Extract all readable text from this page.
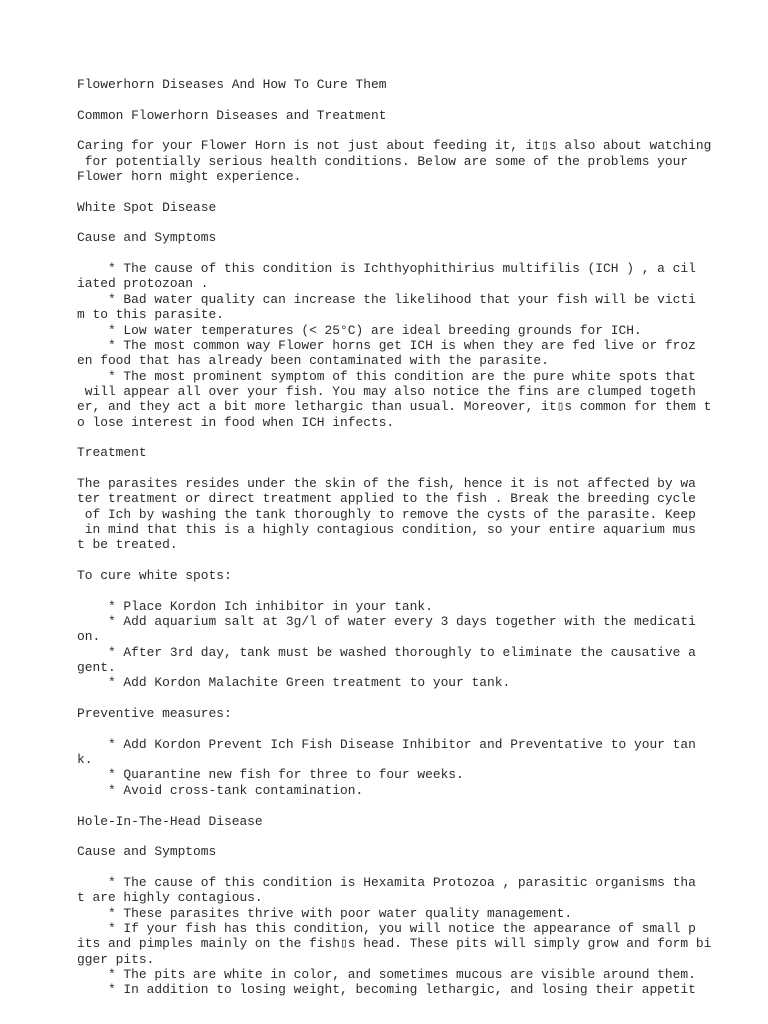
Flowerhorn Diseases And How To Cure Them

Common Flowerhorn Diseases and Treatment

Caring for your Flower Horn is not just about feeding it, it▯s also about watching
for potentially serious health conditions. Below are some of the problems your
Flower horn might experience.

White Spot Disease

Cause and Symptoms

* The cause of this condition is Ichthyophithirius multifilis (ICH ) , a cil
iated protozoan .
* Bad water quality can increase the likelihood that your fish will be victi
m to this parasite.
* Low water temperatures (< 25°C) are ideal breeding grounds for ICH.
* The most common way Flower horns get ICH is when they are fed live or froz
en food that has already been contaminated with the parasite.
* The most prominent symptom of this condition are the pure white spots that
will appear all over your fish. You may also notice the fins are clumped togeth
er, and they act a bit more lethargic than usual. Moreover, it▯s common for them t
o lose interest in food when ICH infects.

Treatment

The parasites resides under the skin of the fish, hence it is not affected by wa
ter treatment or direct treatment applied to the fish . Break the breeding cycle
of Ich by washing the tank thoroughly to remove the cysts of the parasite. Keep
in mind that this is a highly contagious condition, so your entire aquarium mus
t be treated.

To cure white spots:

* Place Kordon Ich inhibitor in your tank.
* Add aquarium salt at 3g/l of water every 3 days together with the medicati
on.
* After 3rd day, tank must be washed thoroughly to eliminate the causative a
gent.
* Add Kordon Malachite Green treatment to your tank.

Preventive measures:

* Add Kordon Prevent Ich Fish Disease Inhibitor and Preventative to your tan
k.
* Quarantine new fish for three to four weeks.
* Avoid cross-tank contamination.

Hole-In-The-Head Disease

Cause and Symptoms

* The cause of this condition is Hexamita Protozoa , parasitic organisms tha
t are highly contagious.
* These parasites thrive with poor water quality management.
* If your fish has this condition, you will notice the appearance of small p
its and pimples mainly on the fish▯s head. These pits will simply grow and form bi
gger pits.
* The pits are white in color, and sometimes mucous are visible around them.
* In addition to losing weight, becoming lethargic, and losing their appetit
